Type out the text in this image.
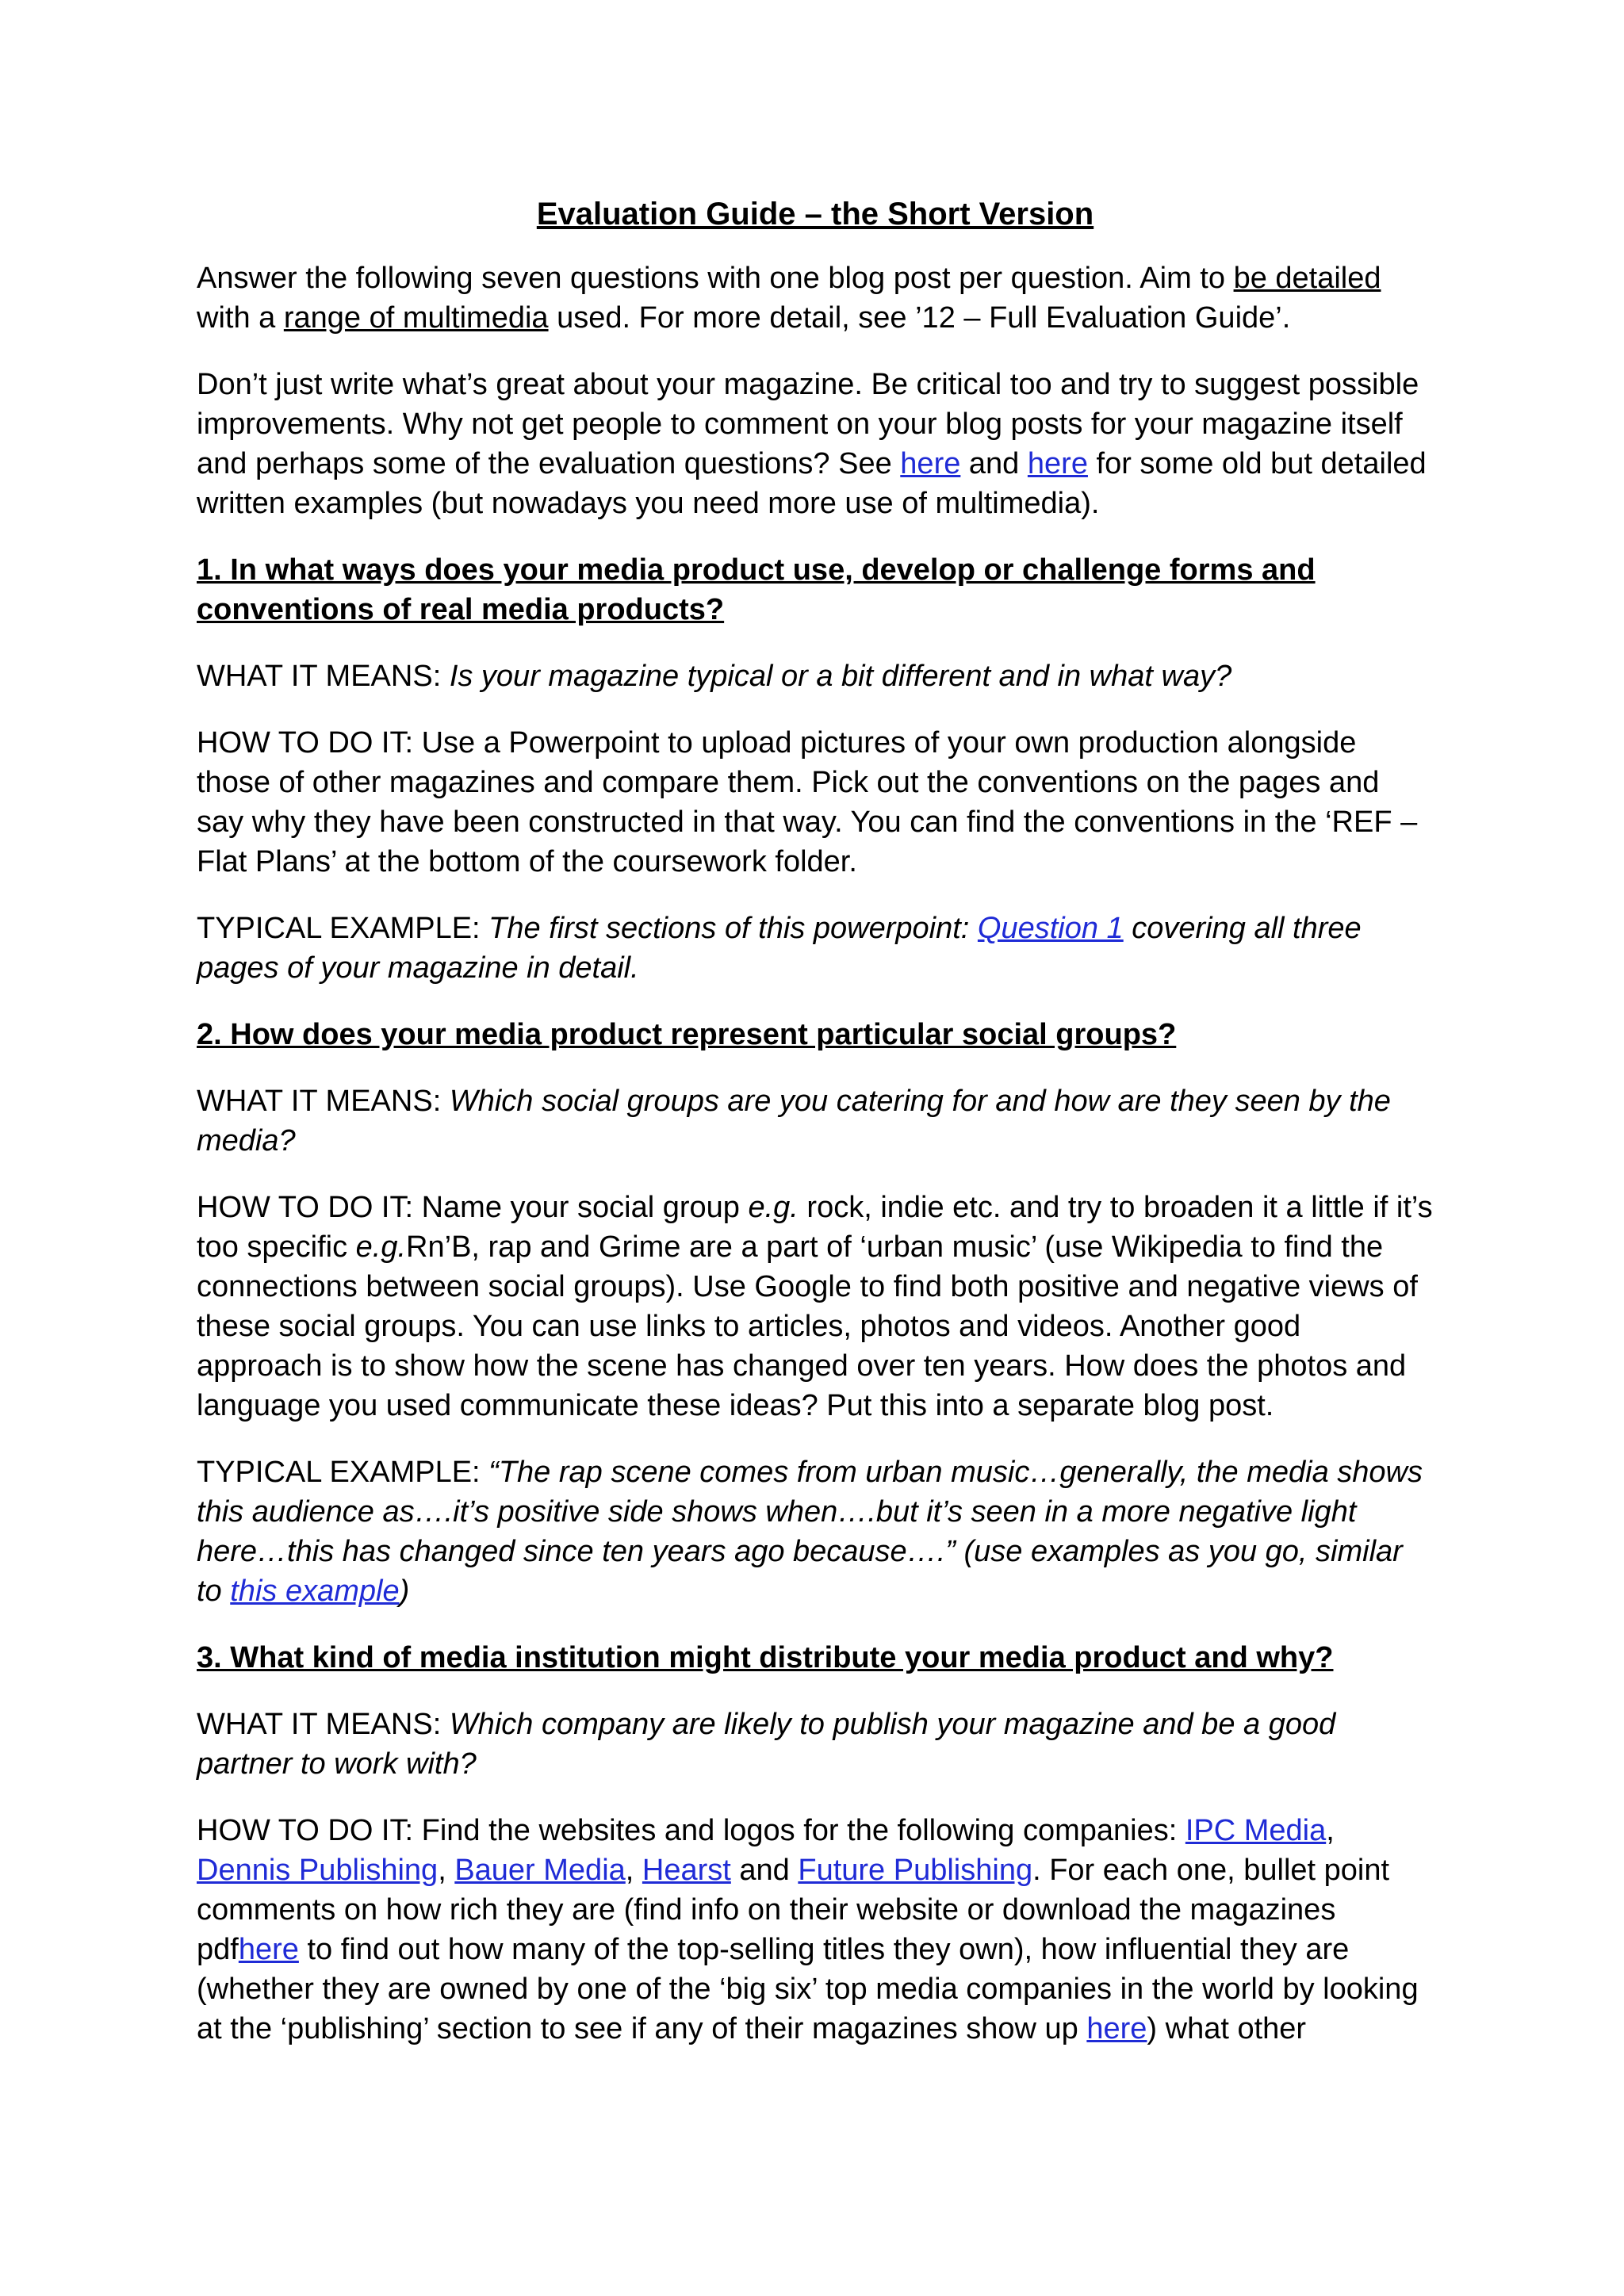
Evaluation Guide – the Short Version

Answer the following seven questions with one blog post per question. Aim to be detailed with a range of multimedia used. For more detail, see ’12 – Full Evaluation Guide’.

Don’t just write what’s great about your magazine. Be critical too and try to suggest possible improvements. Why not get people to comment on your blog posts for your magazine itself and perhaps some of the evaluation questions? See here and here for some old but detailed written examples (but nowadays you need more use of multimedia).

1. In what ways does your media product use, develop or challenge forms and conventions of real media products?

WHAT IT MEANS: Is your magazine typical or a bit different and in what way?

HOW TO DO IT: Use a Powerpoint to upload pictures of your own production alongside those of other magazines and compare them. Pick out the conventions on the pages and say why they have been constructed in that way. You can find the conventions in the ‘REF – Flat Plans’ at the bottom of the coursework folder.

TYPICAL EXAMPLE: The first sections of this powerpoint: Question 1 covering all three pages of your magazine in detail.

2. How does your media product represent particular social groups?

WHAT IT MEANS: Which social groups are you catering for and how are they seen by the media?

HOW TO DO IT: Name your social group e.g. rock, indie etc. and try to broaden it a little if it’s too specific e.g.Rn’B, rap and Grime are a part of ‘urban music’ (use Wikipedia to find the connections between social groups). Use Google to find both positive and negative views of these social groups. You can use links to articles, photos and videos. Another good approach is to show how the scene has changed over ten years. How does the photos and language you used communicate these ideas? Put this into a separate blog post.

TYPICAL EXAMPLE: “The rap scene comes from urban music…generally, the media shows this audience as….it’s positive side shows when….but it’s seen in a more negative light here…this has changed since ten years ago because….” (use examples as you go, similar to this example)

3. What kind of media institution might distribute your media product and why?

WHAT IT MEANS: Which company are likely to publish your magazine and be a good partner to work with?

HOW TO DO IT: Find the websites and logos for the following companies: IPC Media, Dennis Publishing, Bauer Media, Hearst and Future Publishing. For each one, bullet point comments on how rich they are (find info on their website or download the magazines pdfhere to find out how many of the top-selling titles they own), how influential they are (whether they are owned by one of the ‘big six’ top media companies in the world by looking at the ‘publishing’ section to see if any of their magazines show up here) what other
